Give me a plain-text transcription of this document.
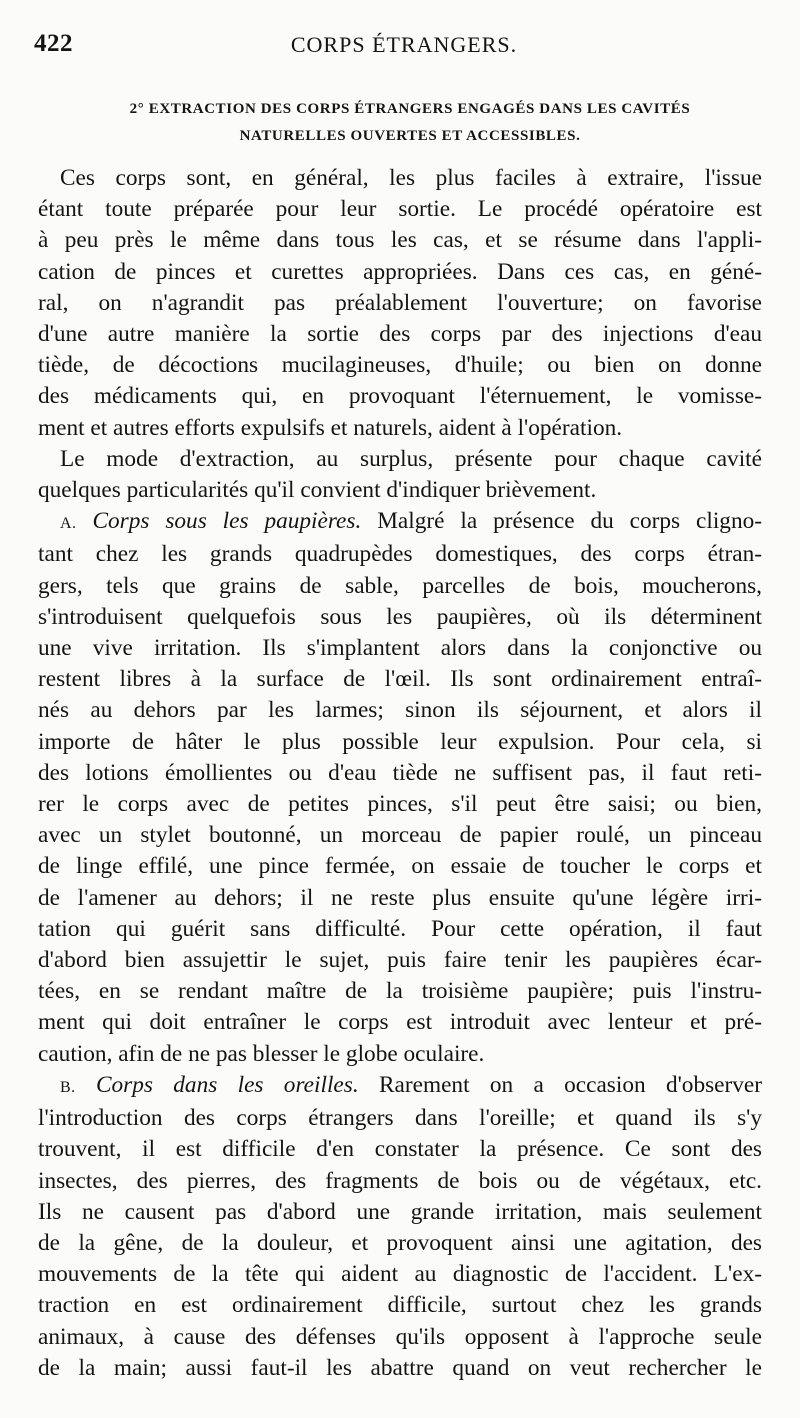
422	CORPS ÉTRANGERS.
2° EXTRACTION DES CORPS ÉTRANGERS ENGAGÉS DANS LES CAVITÉS
NATURELLES OUVERTES ET ACCESSIBLES.
Ces corps sont, en général, les plus faciles à extraire, l'issue
étant toute préparée pour leur sortie. Le procédé opératoire est
à peu près le même dans tous les cas, et se résume dans l'appli-
cation de pinces et curettes appropriées. Dans ces cas, en géné-
ral, on n'agrandit pas préalablement l'ouverture; on favorise
d'une autre manière la sortie des corps par des injections d'eau
tiède, de décoctions mucilagineuses, d'huile; ou bien on donne
des médicaments qui, en provoquant l'éternuement, le vomisse-
ment et autres efforts expulsifs et naturels, aident à l'opération.
Le mode d'extraction, au surplus, présente pour chaque cavité
quelques particularités qu'il convient d'indiquer brièvement.
A. Corps sous les paupières. Malgré la présence du corps cligno-
tant chez les grands quadrupèdes domestiques, des corps étran-
gers, tels que grains de sable, parcelles de bois, moucherons,
s'introduisent quelquefois sous les paupières, où ils déterminent
une vive irritation. Ils s'implantent alors dans la conjonctive ou
restent libres à la surface de l'œil. Ils sont ordinairement entraî-
nés au dehors par les larmes; sinon ils séjournent, et alors il
importe de hâter le plus possible leur expulsion. Pour cela, si
des lotions émollientes ou d'eau tiède ne suffisent pas, il faut reti-
rer le corps avec de petites pinces, s'il peut être saisi; ou bien,
avec un stylet boutonné, un morceau de papier roulé, un pinceau
de linge effilé, une pince fermée, on essaie de toucher le corps et
de l'amener au dehors; il ne reste plus ensuite qu'une légère irri-
tation qui guérit sans difficulté. Pour cette opération, il faut
d'abord bien assujettir le sujet, puis faire tenir les paupières écar-
tées, en se rendant maître de la troisième paupière; puis l'instru-
ment qui doit entraîner le corps est introduit avec lenteur et pré-
caution, afin de ne pas blesser le globe oculaire.
B. Corps dans les oreilles. Rarement on a occasion d'observer
l'introduction des corps étrangers dans l'oreille; et quand ils s'y
trouvent, il est difficile d'en constater la présence. Ce sont des
insectes, des pierres, des fragments de bois ou de végétaux, etc.
Ils ne causent pas d'abord une grande irritation, mais seulement
de la gêne, de la douleur, et provoquent ainsi une agitation, des
mouvements de la tête qui aident au diagnostic de l'accident. L'ex-
traction en est ordinairement difficile, surtout chez les grands
animaux, à cause des défenses qu'ils opposent à l'approche seule
de la main; aussi faut-il les abattre quand on veut rechercher le
